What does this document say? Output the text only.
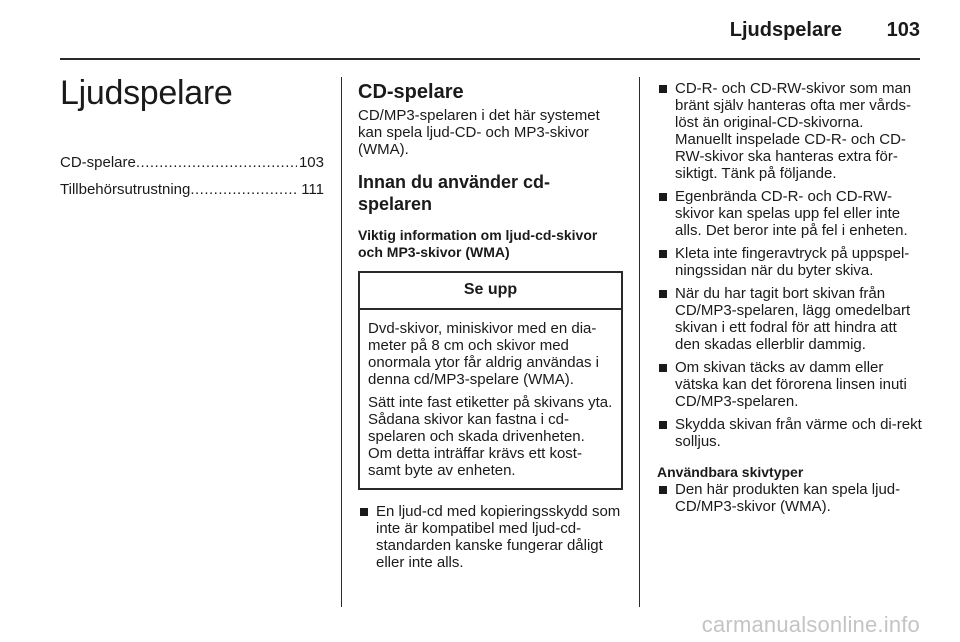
Ljudspelare 103
Ljudspelare
CD-spelare .....	103
Tillbehörsutrustning .....	111
CD-spelare

CD/MP3-spelaren i det här systemet kan spela ljud-CD- och MP3-skivor (WMA).

Innan du använder cd-spelaren
Viktig information om ljud-cd-skivor och MP3-skivor (WMA)
Se upp

Dvd-skivor, miniskivor med en dia-meter på 8 cm och skivor med onormala ytor får aldrig användas i denna cd/MP3-spelare (WMA).

Sätt inte fast etiketter på skivans yta. Sådana skivor kan fastna i cd-spelaren och skada drivenheten. Om detta inträffar krävs ett kost-samt byte av enheten.

En ljud-cd med kopieringsskydd som inte är kompatibel med ljud-cd-standarden kanske fungerar dåligt eller inte alls.
CD-R- och CD-RW-skivor som man bränt själv hanteras ofta mer vårds-löst än original-CD-skivorna. Manuellt inspelade CD-R- och CD-RW-skivor ska hanteras extra för-siktigt. Tänk på följande.
Egenbrända CD-R- och CD-RW-skivor kan spelas upp fel eller inte alls. Det beror inte på fel i enheten.
Kleta inte fingeravtryck på uppspel-ningssidan när du byter skiva.
När du har tagit bort skivan från CD/MP3-spelaren, lägg omedelbart skivan i ett fodral för att hindra att den skadas ellerblir dammig.
Om skivan täcks av damm eller vätska kan det förorena linsen inuti CD/MP3-spelaren.
Skydda skivan från värme och di-rekt solljus.
Användbara skivtyper
Den här produkten kan spela ljud-CD/MP3-skivor (WMA).
carmanualsonline.info
